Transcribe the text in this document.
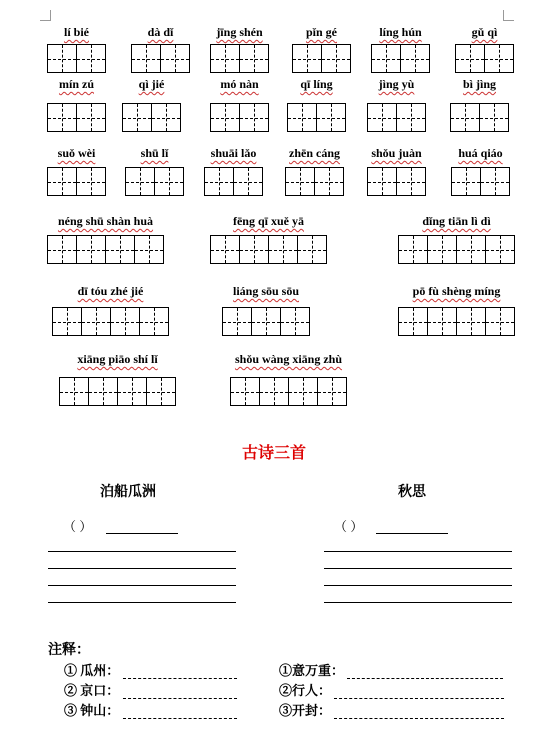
lí bié	dà dǐ	jīng shén	pǐn gé	líng hún	gǔ qì
mín zú	qì jié	mó nàn	qī líng	jìng yù	bì jìng
suǒ wèi	shū lǐ	shuāi lǎo	zhēn cáng	shǒu juàn	huá qiáo
néng shū shàn huà	fēng qī xuě yā	dǐng tiān lì dì
dī tóu zhé jié	liáng sōu sōu	pō fù shèng míng
xiāng piāo shí lǐ	shǒu wàng xiāng zhù
古诗三首
泊船瓜洲	秋思
（ ）	（ ）
注释：
① 瓜州：
② 京口：
③ 钟山：
①意万重：
②行人：
③开封：
